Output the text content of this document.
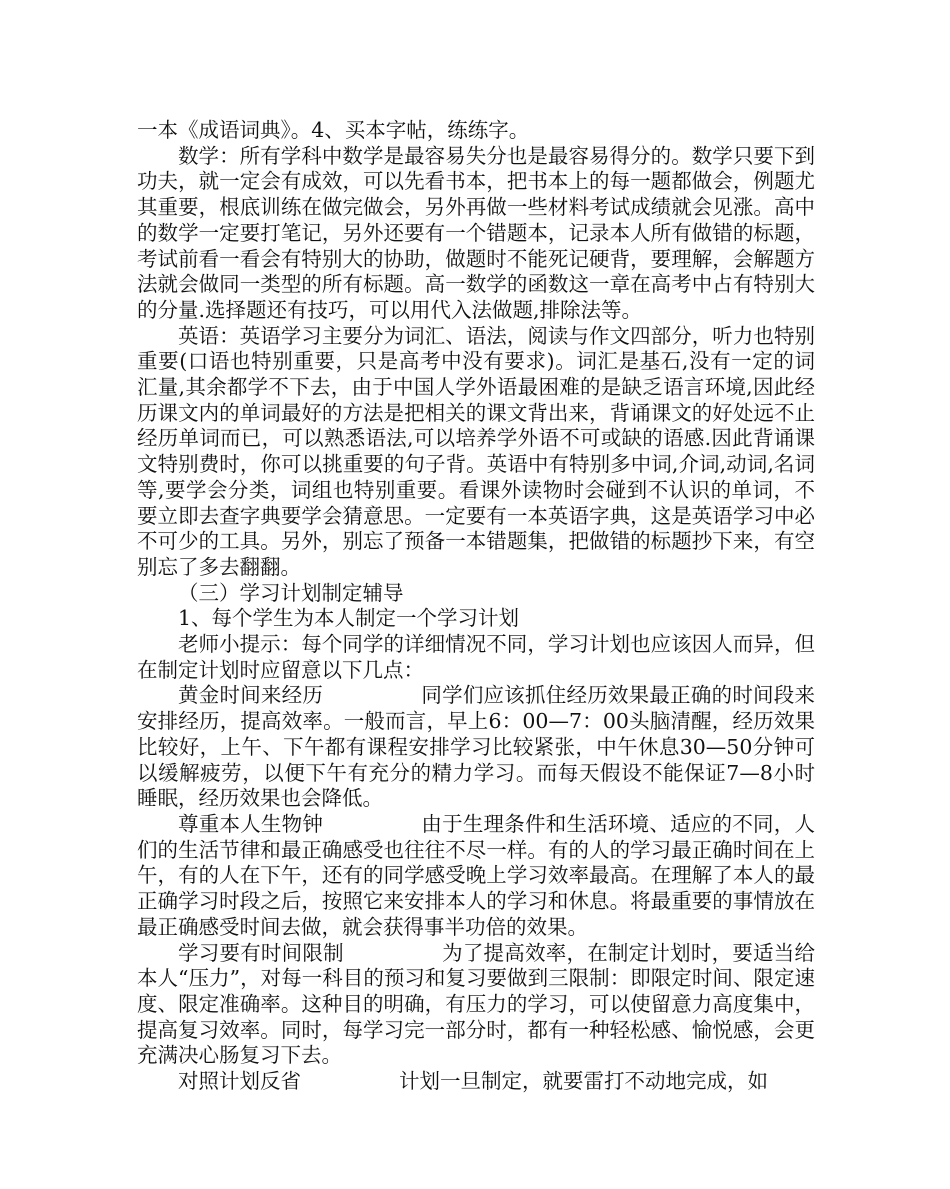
一本《成语词典》。4、买本字帖，练练字。

数学：所有学科中数学是最容易失分也是最容易得分的。数学只要下到功夫，就一定会有成效，可以先看书本，把书本上的每一题都做会，例题尤其重要，根底训练在做完做会，另外再做一些材料考试成绩就会见涨。高中的数学一定要打笔记，另外还要有一个错题本，记录本人所有做错的标题，考试前看一看会有特别大的协助，做题时不能死记硬背，要理解，会解题方法就会做同一类型的所有标题。高一数学的函数这一章在高考中占有特别大的分量.选择题还有技巧，可以用代入法做题,排除法等。

英语：英语学习主要分为词汇、语法，阅读与作文四部分，听力也特别重要(口语也特别重要，只是高考中没有要求)。词汇是基石,没有一定的词汇量,其余都学不下去，由于中国人学外语最困难的是缺乏语言环境,因此经历课文内的单词最好的方法是把相关的课文背出来，背诵课文的好处远不止经历单词而已，可以熟悉语法,可以培养学外语不可或缺的语感.因此背诵课文特别费时，你可以挑重要的句子背。英语中有特别多中词,介词,动词,名词等,要学会分类，词组也特别重要。看课外读物时会碰到不认识的单词，不要立即去查字典要学会猜意思。一定要有一本英语字典，这是英语学习中必不可少的工具。另外，别忘了预备一本错题集，把做错的标题抄下来，有空别忘了多去翻翻。

（三）学习计划制定辅导

1、每个学生为本人制定一个学习计划

老师小提示：每个同学的详细情况不同，学习计划也应该因人而异，但在制定计划时应留意以下几点：

黄金时间来经历	同学们应该抓住经历效果最正确的时间段来安排经历，提高效率。一般而言，早上6：00—7：00头脑清醒，经历效果比较好，上午、下午都有课程安排学习比较紧张，中午休息30—50分钟可以缓解疲劳，以便下午有充分的精力学习。而每天假设不能保证7—8小时睡眠，经历效果也会降低。

尊重本人生物钟	由于生理条件和生活环境、适应的不同，人们的生活节律和最正确感受也往往不尽一样。有的人的学习最正确时间在上午，有的人在下午，还有的同学感受晚上学习效率最高。在理解了本人的最正确学习时段之后，按照它来安排本人的学习和休息。将最重要的事情放在最正确感受时间去做，就会获得事半功倍的效果。

学习要有时间限制	为了提高效率，在制定计划时，要适当给本人“压力”，对每一科目的预习和复习要做到三限制：即限定时间、限定速度、限定准确率。这种目的明确，有压力的学习，可以使留意力高度集中，提高复习效率。同时，每学习完一部分时，都有一种轻松感、愉悦感，会更充满决心肠复习下去。

对照计划反省	计划一旦制定，就要雷打不动地完成，如
